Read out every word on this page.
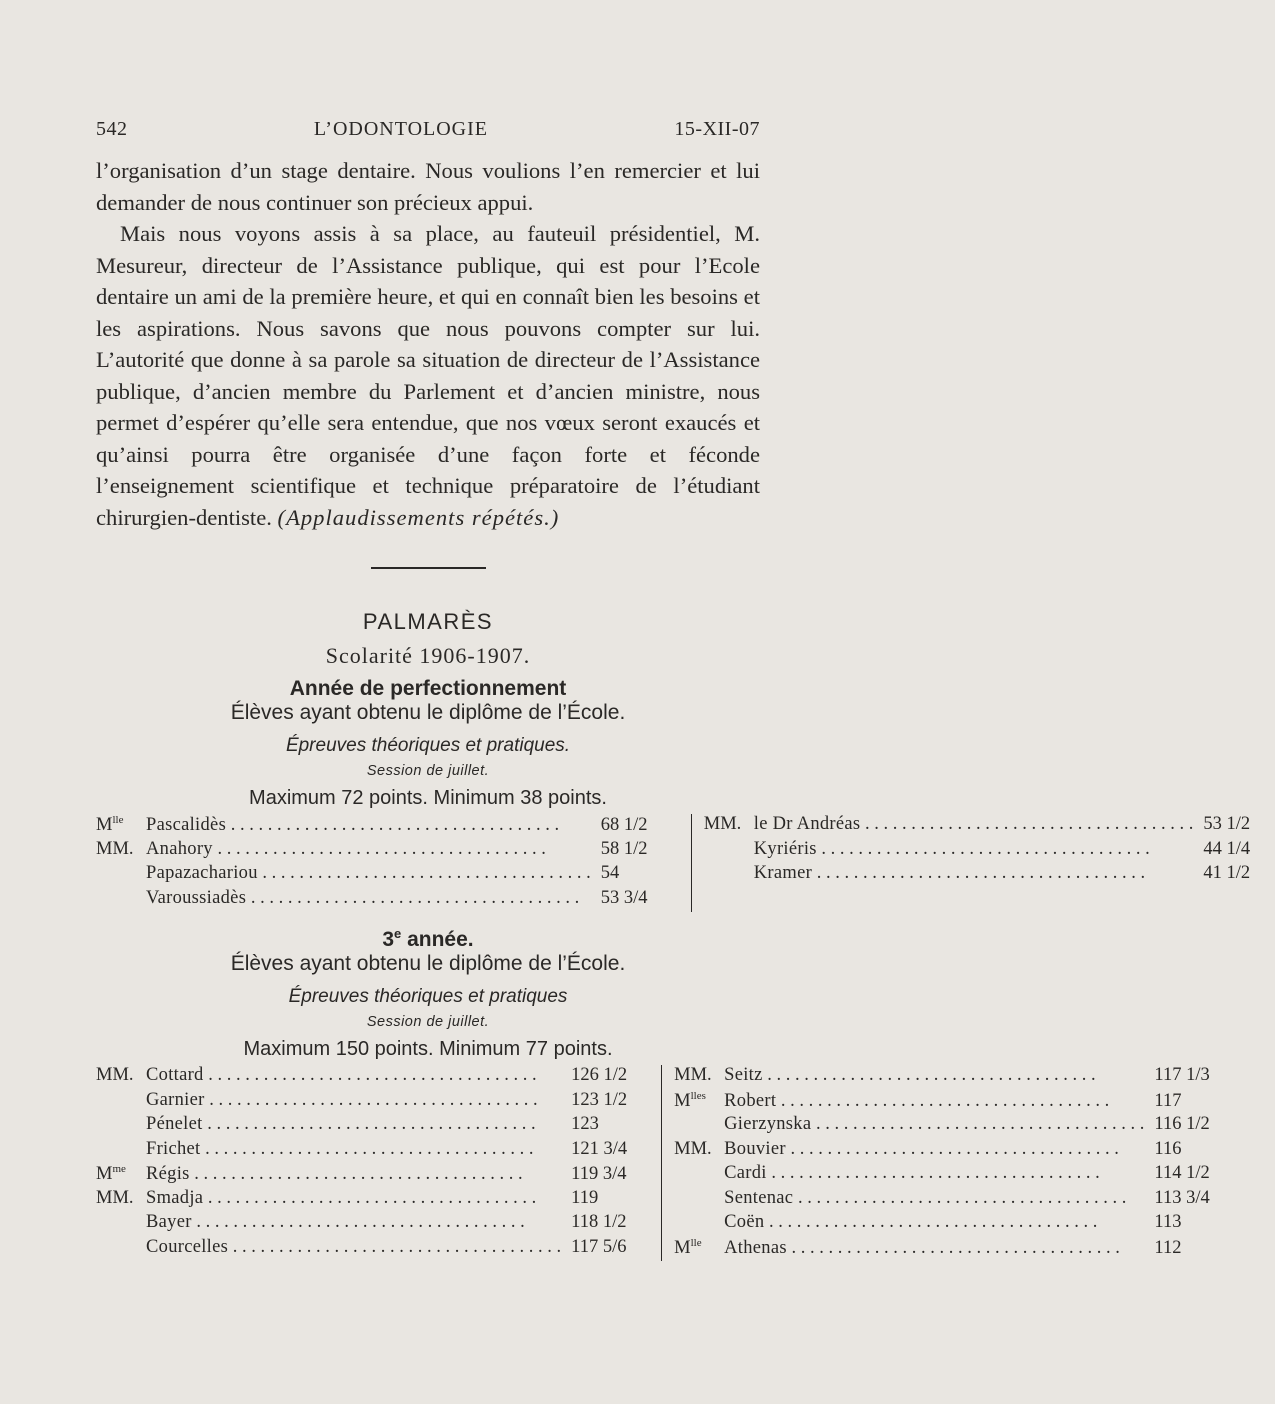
542	L’ODONTOLOGIE	15-XII-07

l’organisation d’un stage dentaire. Nous voulions l’en remercier et lui demander de nous continuer son précieux appui.

Mais nous voyons assis à sa place, au fauteuil présidentiel, M. Mesureur, directeur de l’Assistance publique, qui est pour l’Ecole dentaire un ami de la première heure, et qui en connaît bien les besoins et les aspirations. Nous savons que nous pouvons compter sur lui. L’autorité que donne à sa parole sa situation de directeur de l’Assistance publique, d’ancien membre du Parlement et d’ancien ministre, nous permet d’espérer qu’elle sera entendue, que nos vœux seront exaucés et qu’ainsi pourra être organisée d’une façon forte et féconde l’enseignement scientifique et technique préparatoire de l’étudiant chirurgien-dentiste. (Applaudissements répétés.)

PALMARÈS
Scolarité 1906-1907.
Année de perfectionnement
Élèves ayant obtenu le diplôme de l’École.
Épreuves théoriques et pratiques.
Session de juillet.
Maximum 72 points. Minimum 38 points.
$M^{lle}$	Pascalidès . . .	68 1/2
MM. Anahory . . .	58 1/2
Papazachariou . . .	54
Varoussiadès . . .	53 3/4
MM. le Dr Andréas . . .	53 1/2
Kyriéris . . .	44 1/4
Kramer . . .	41 1/2
3e année.
Élèves ayant obtenu le diplôme de l’École.
Épreuves théoriques et pratiques
Session de juillet.
Maximum 150 points. Minimum 77 points.
MM. Cottard . . .	126 1/2
Garnier . . .	123 1/2
Pénelet . . .	123
Frichet . . .	121 3/4
$M^{me}$	Régis . . .	119 3/4
MM. Smadja . . .	119
Bayer . . .	118 1/2
Courcelles . . .	117 5/6
MM. Seitz . . .	117 1/3
$M^{lles}$ Robert . . .	117
Gierzynska . . .	116 1/2
MM. Bouvier . . .	116
Cardi . . .	114 1/2
Sentenac . . .	113 3/4
Coën . . .	113
$M^{lle}$	Athenas . . .	112
